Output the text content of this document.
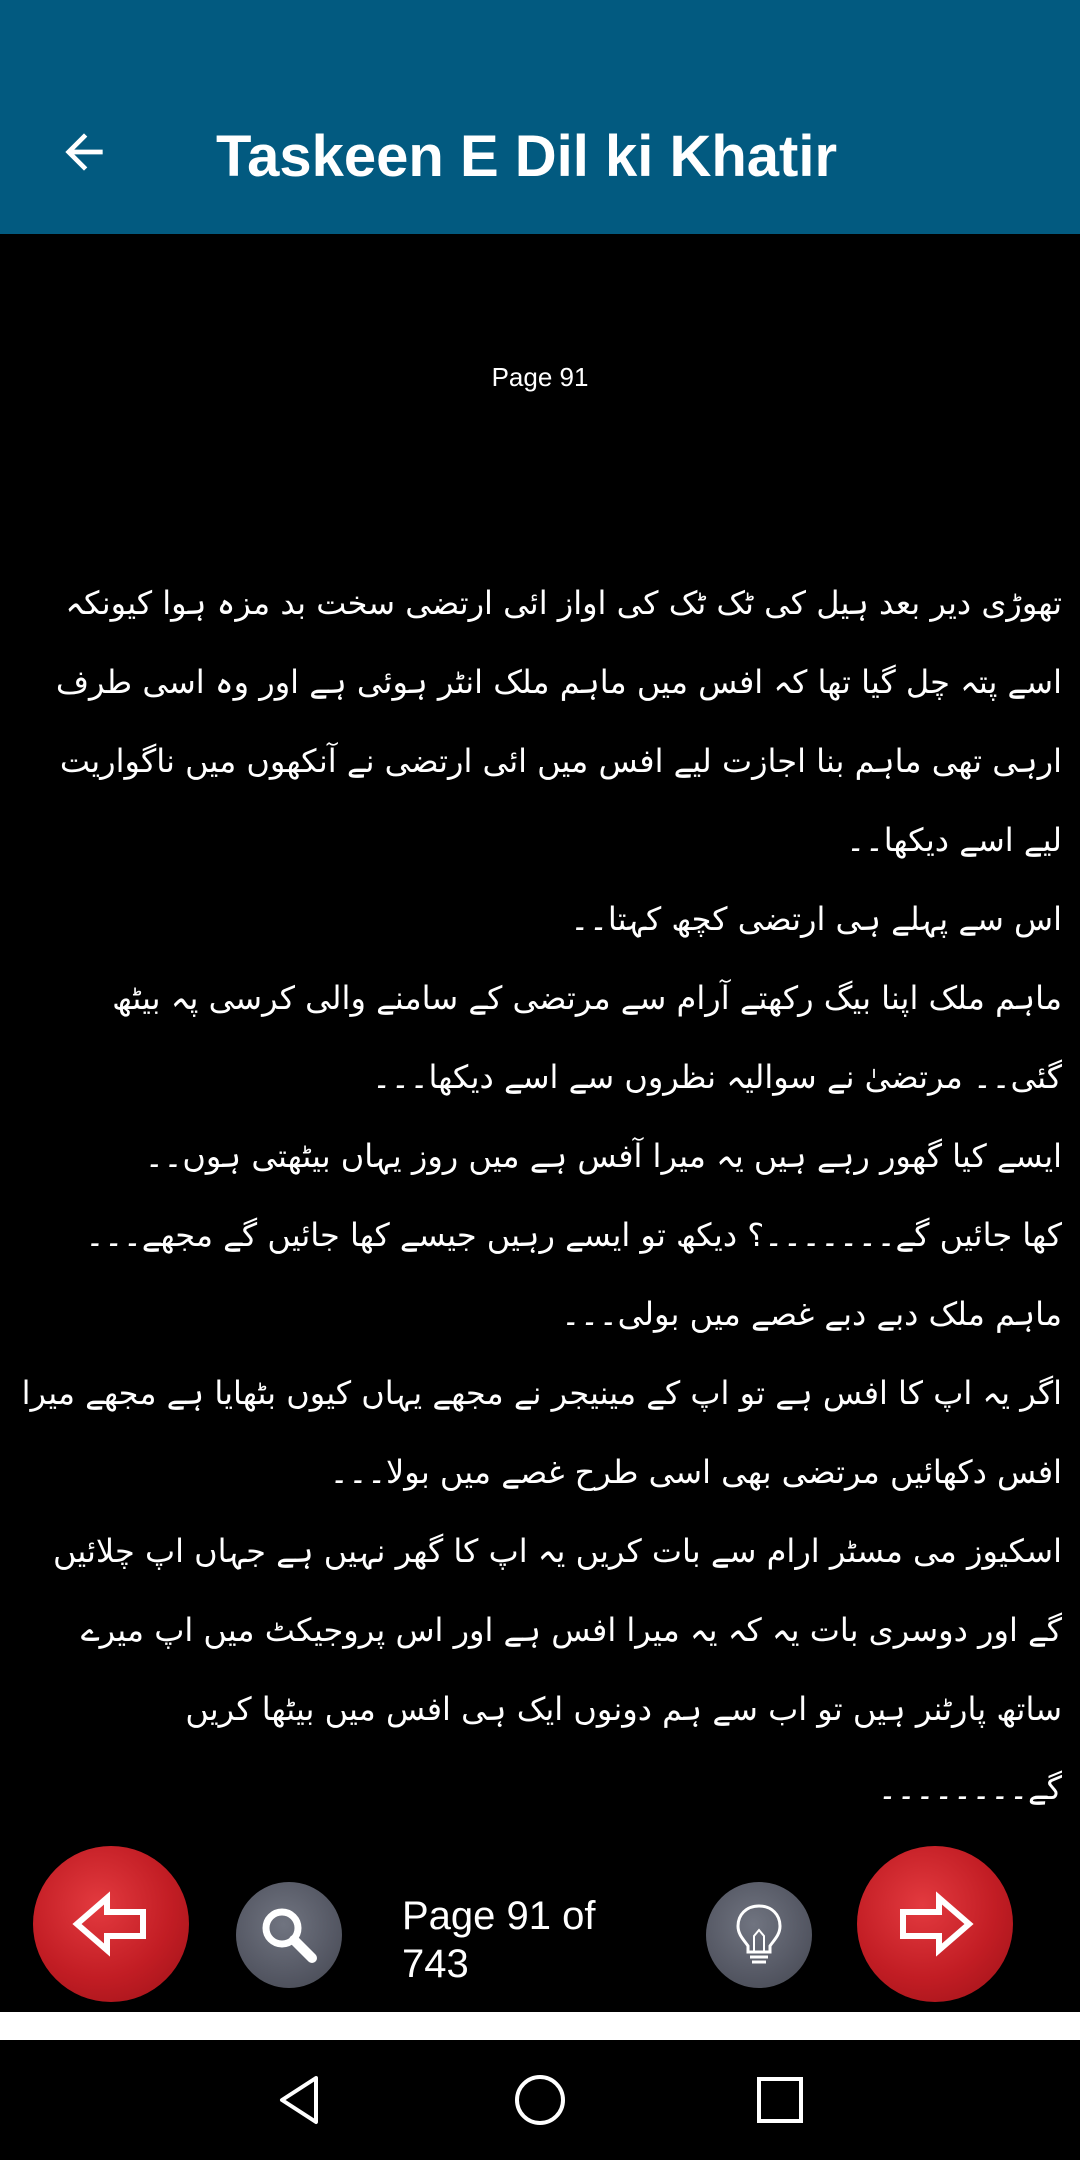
Taskeen E Dil ki Khatir
Page 91

تھوڑی دیر بعد ہیل کی ٹک ٹک کی اواز ائی ارتضی سخت بد مزہ ہوا کیونکہ اسے پتہ چل گیا تھا کہ افس میں ماہم ملک انٹر ہوئی ہے اور وہ اسی طرف ارہی تھی ماہم بنا اجازت لیے افس میں ائی ارتضی نے آنکھوں میں ناگواریت لیے اسے دیکھا۔۔

اس سے پہلے ہی ارتضی کچھ کہتا۔۔

ماہم ملک اپنا بیگ رکھتے آرام سے مرتضی کے سامنے والی کرسی پہ بیٹھ گئی۔۔ مرتضیٰ نے سوالیہ نظروں سے اسے دیکھا۔۔۔

ایسے کیا گھور رہے ہیں یہ میرا آفس ہے میں روز یہاں بیٹھتی ہوں۔۔

کھا جائیں گے۔۔۔۔۔۔۔؟ دیکھ تو ایسے رہیں جیسے کھا جائیں گے مجھے۔۔۔

ماہم ملک دبے دبے غصے میں بولی۔۔۔

اگر یہ اپ کا افس ہے تو اپ کے مینیجر نے مجھے یہاں کیوں بٹھایا ہے مجھے میرا افس دکھائیں مرتضی بھی اسی طرح غصے میں بولا۔۔۔

اسکیوز می مسٹر ارام سے بات کریں یہ اپ کا گھر نہیں ہے جہاں اپ چلائیں گے اور دوسری بات یہ کہ یہ میرا افس ہے اور اس پروجیکٹ میں اپ میرے ساتھ پارٹنر ہیں تو اب سے ہم دونوں ایک ہی افس میں بیٹھا کریں گے۔۔۔۔۔۔۔۔

Page 91 of 743
